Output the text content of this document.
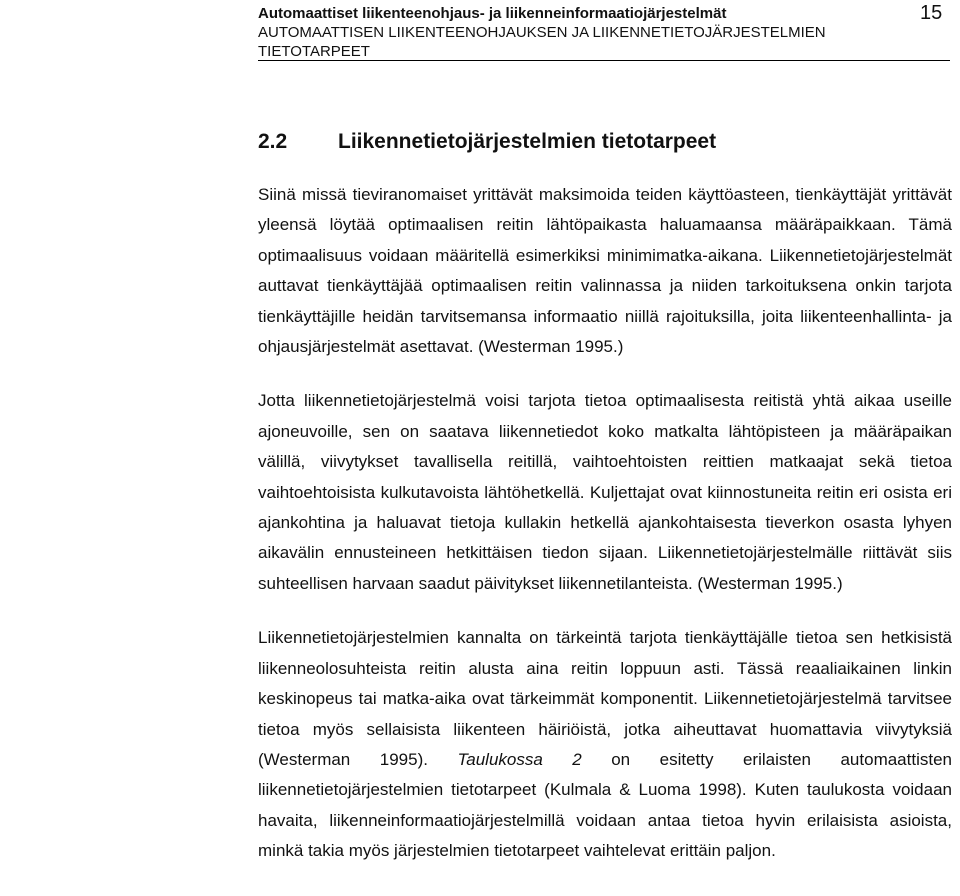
Automaattiset liikenteenohjaus- ja liikenneinformaatiojärjestelmät
AUTOMAATTISEN LIIKENTEENOHJAUKSEN JA LIIKENNETIETOJÄRJESTELMIEN TIETOTARPEET
15
2.2 Liikennetietojärjestelmien tietotarpeet

Siinä missä tieviranomaiset yrittävät maksimoida teiden käyttöasteen, tienkäyttäjät yrittävät yleensä löytää optimaalisen reitin lähtöpaikasta haluamaansa määräpaikkaan. Tämä optimaalisuus voidaan määritellä esimerkiksi minimimatka-aikana. Liikennetietojärjestelmät auttavat tienkäyttäjää optimaalisen reitin valinnassa ja niiden tarkoituksena onkin tarjota tienkäyttäjille heidän tarvitsemansa informaatio niillä rajoituksilla, joita liikenteenhallinta- ja ohjausjärjestelmät asettavat. (Westerman 1995.)

Jotta liikennetietojärjestelmä voisi tarjota tietoa optimaalisesta reitistä yhtä aikaa useille ajoneuvoille, sen on saatava liikennetiedot koko matkalta lähtöpisteen ja määräpaikan välillä, viivytykset tavallisella reitillä, vaihtoehtoisten reittien matkaajat sekä tietoa vaihtoehtoisista kulkutavoista lähtöhetkellä. Kuljettajat ovat kiinnostuneita reitin eri osista eri ajankohtina ja haluavat tietoja kullakin hetkellä ajankohtaisesta tieverkon osasta lyhyen aikavälin ennusteineen hetkittäisen tiedon sijaan. Liikennetietojärjestelmälle riittävät siis suhteellisen harvaan saadut päivitykset liikennetilanteista. (Westerman 1995.)

Liikennetietojärjestelmien kannalta on tärkeintä tarjota tienkäyttäjälle tietoa sen hetkisistä liikenneolosuhteista reitin alusta aina reitin loppuun asti. Tässä reaaliaikainen linkin keskinopeus tai matka-aika ovat tärkeimmät komponentit. Liikennetietojärjestelmä tarvitsee tietoa myös sellaisista liikenteen häiriöistä, jotka aiheuttavat huomattavia viivytyksiä (Westerman 1995). Taulukossa 2 on esitetty erilaisten automaattisten liikennetietojärjestelmien tietotarpeet (Kulmala & Luoma 1998). Kuten taulukosta voidaan havaita, liikenneinformaatiojärjestelmillä voidaan antaa tietoa hyvin erilaisista asioista, minkä takia myös järjestelmien tietotarpeet vaihtelevat erittäin paljon.
